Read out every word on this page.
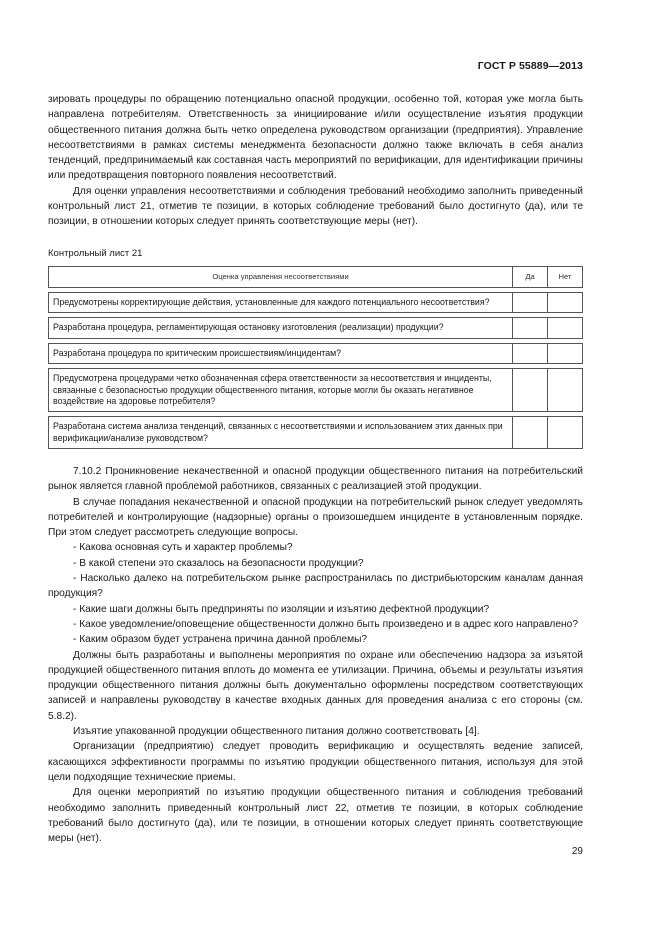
ГОСТ Р 55889—2013

зировать процедуры по обращению потенциально опасной продукции, особенно той, которая уже могла быть направлена потребителям. Ответственность за инициирование и/или осуществление изъятия продукции общественного питания должна быть четко определена руководством организации (предприятия). Управление несоответствиями в рамках системы менеджмента безопасности должно также включать в себя анализ тенденций, предпринимаемый как составная часть мероприятий по верификации, для идентификации причины или предотвращения повторного появления несоответствий.

Для оценки управления несоответствиями и соблюдения требований необходимо заполнить приведенный контрольный лист 21, отметив те позиции, в которых соблюдение требований было достигнуто (да), или те позиции, в отношении которых следует принять соответствующие меры (нет).

Контрольный лист 21
Оценка управления несоответствиями	Да	Нет

Предусмотрены корректирующие действия, установленные для каждого потенциального несоответствия?		

Разработана процедура, регламентирующая остановку изготовления (реализации) продукции?		

Разработана процедура по критическим происшествиям/инцидентам?		

Предусмотрена процедурами четко обозначенная сфера ответственности за несоответствия и инциденты, связанные с безопасностью продукции общественного питания, которые могли бы оказать негативное воздействие на здоровье потребителя?		

Разработана система анализа тенденций, связанных с несоответствиями и использованием этих данных при верификации/анализе руководством?		

7.10.2 Проникновение некачественной и опасной продукции общественного питания на потребительский рынок является главной проблемой работников, связанных с реализацией этой продукции.

В случае попадания некачественной и опасной продукции на потребительский рынок следует уведомлять потребителей и контролирующие (надзорные) органы о произошедшем инциденте в установленным порядке. При этом следует рассмотреть следующие вопросы.

- Какова основная суть и характер проблемы?

- В какой степени это сказалось на безопасности продукции?

- Насколько далеко на потребительском рынке распространилась по дистрибьюторским каналам данная продукция?

- Какие шаги должны быть предприняты по изоляции и изъятию дефектной продукции?

- Какое уведомление/оповещение общественности должно быть произведено и в адрес кого направлено?

- Каким образом будет устранена причина данной проблемы?

Должны быть разработаны и выполнены мероприятия по охране или обеспечению надзора за изъятой продукцией общественного питания вплоть до момента ее утилизации. Причина, объемы и результаты изъятия продукции общественного питания должны быть документально оформлены посредством соответствующих записей и направлены руководству в качестве входных данных для проведения анализа с его стороны (см. 5.8.2).

Изъятие упакованной продукции общественного питания должно соответствовать [4].

Организации (предприятию) следует проводить верификацию и осуществлять ведение записей, касающихся эффективности программы по изъятию продукции общественного питания, используя для этой цели подходящие технические приемы.

Для оценки мероприятий по изъятию продукции общественного питания и соблюдения требований необходимо заполнить приведенный контрольный лист 22, отметив те позиции, в которых соблюдение требований было достигнуто (да), или те позиции, в отношении которых следует принять соответствующие меры (нет).

29
